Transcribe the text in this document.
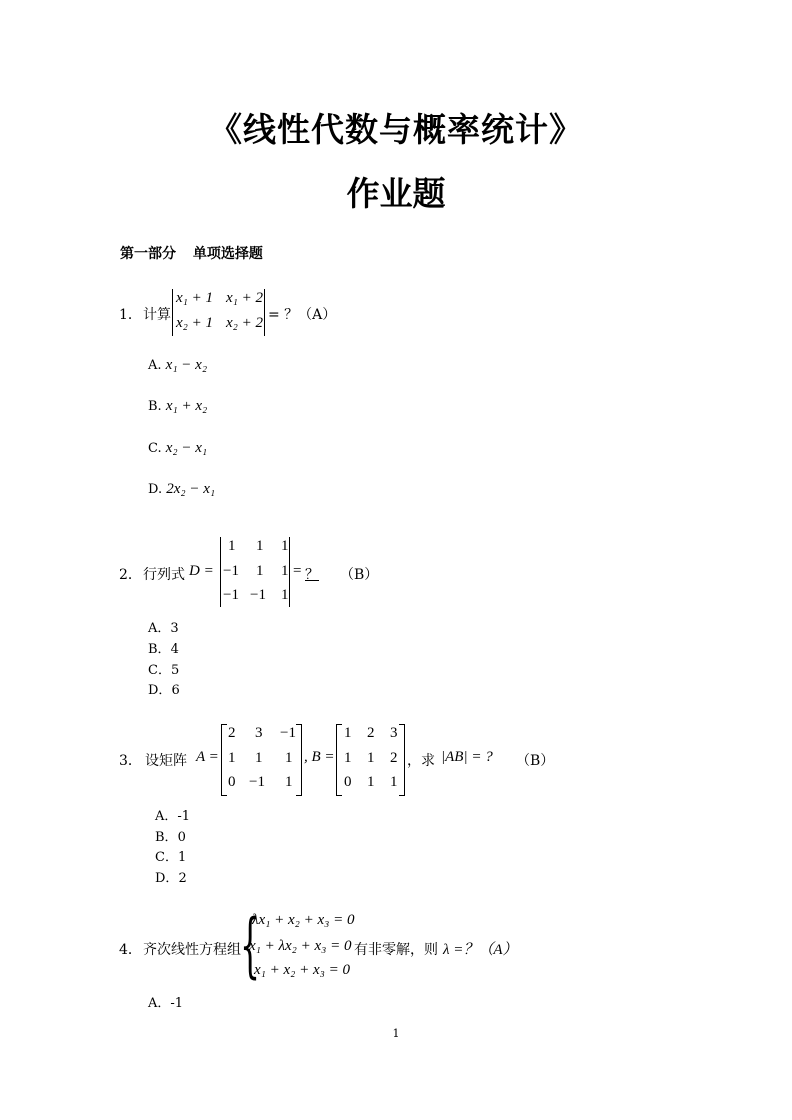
《线性代数与概率统计》
作业题
第一部分 单项选择题
1． 计算
x₁ + 1 x₁ + 2
x₂ + 1 x₂ + 2 = ？（A）
A. x₁ − x₂
B. x₁ + x₂
C. x₂ − x₁
D. 2x₂ − x₁
2． 行列式 D =
1 1 1
−1 1 1
−1 −1 1
= ？	（B）
A．3
B．4
C．5
D．6
3． 设矩阵 A =
2 3 −1
1 1 1
0 −1 1
, B =
1 2 3
1 1 2
0 1 1
，求 |AB| = ? （B）
A．-1
B．0
C．1
D．2
4． 齐次线性方程组 {
λx₁ + x₂ + x₃ = 0
x₁ + λx₂ + x₃ = 0
x₁ + x₂ + x₃ = 0
有非零解，则 λ =？（A）
A．-1
1
